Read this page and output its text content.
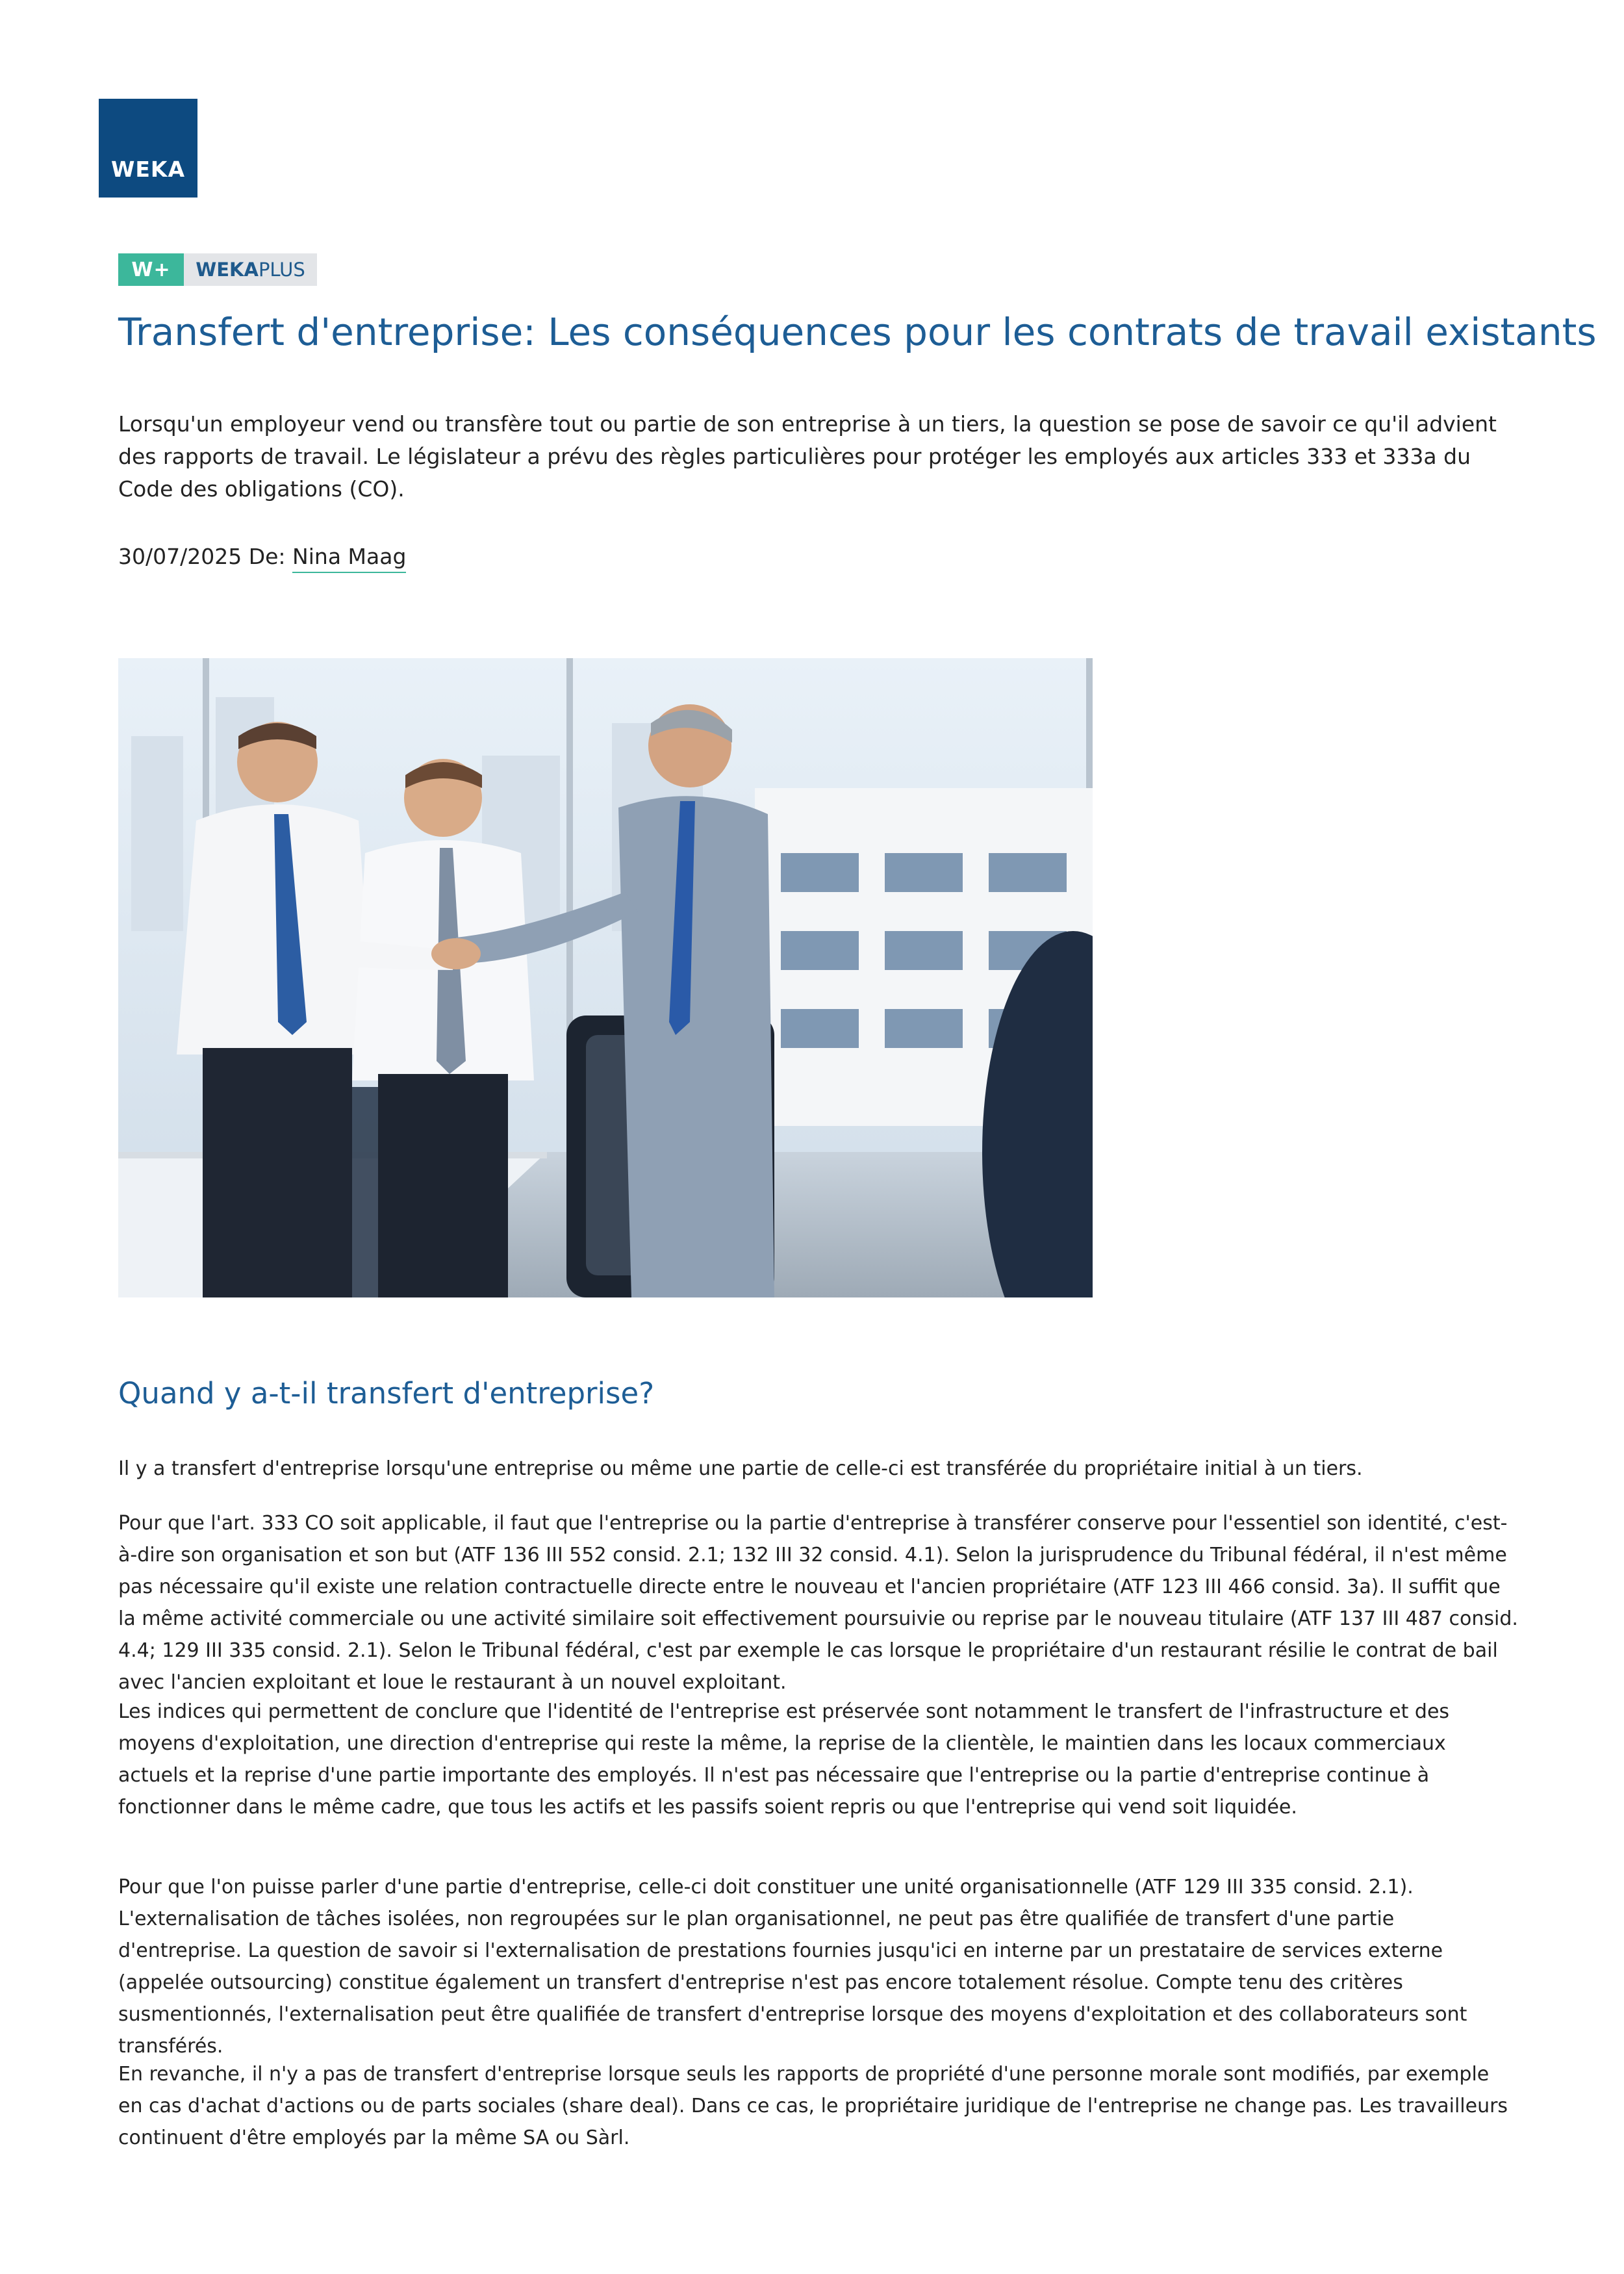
WEKA
W+	WEKA PLUS
Transfert d'entreprise: Les conséquences pour les contrats de travail existants

Lorsqu'un employeur vend ou transfère tout ou partie de son entreprise à un tiers, la question se pose de savoir ce qu'il advient des rapports de travail. Le législateur a prévu des règles particulières pour protéger les employés aux articles 333 et 333a du Code des obligations (CO).

30/07/2025 De: Nina Maag
Quand y a-t-il transfert d'entreprise?

Il y a transfert d'entreprise lorsqu'une entreprise ou même une partie de celle-ci est transférée du propriétaire initial à un tiers.

Pour que l'art. 333 CO soit applicable, il faut que l'entreprise ou la partie d'entreprise à transférer conserve pour l'essentiel son identité, c'est-à-dire son organisation et son but (ATF 136 III 552 consid. 2.1; 132 III 32 consid. 4.1). Selon la jurisprudence du Tribunal fédéral, il n'est même pas nécessaire qu'il existe une relation contractuelle directe entre le nouveau et l'ancien propriétaire (ATF 123 III 466 consid. 3a). Il suffit que la même activité commerciale ou une activité similaire soit effectivement poursuivie ou reprise par le nouveau titulaire (ATF 137 III 487 consid. 4.4; 129 III 335 consid. 2.1). Selon le Tribunal fédéral, c'est par exemple le cas lorsque le propriétaire d'un restaurant résilie le contrat de bail avec l'ancien exploitant et loue le restaurant à un nouvel exploitant.

Les indices qui permettent de conclure que l'identité de l'entreprise est préservée sont notamment le transfert de l'infrastructure et des moyens d'exploitation, une direction d'entreprise qui reste la même, la reprise de la clientèle, le maintien dans les locaux commerciaux actuels et la reprise d'une partie importante des employés. Il n'est pas nécessaire que l'entreprise ou la partie d'entreprise continue à fonctionner dans le même cadre, que tous les actifs et les passifs soient repris ou que l'entreprise qui vend soit liquidée.

Pour que l'on puisse parler d'une partie d'entreprise, celle-ci doit constituer une unité organisationnelle (ATF 129 III 335 consid. 2.1). L'externalisation de tâches isolées, non regroupées sur le plan organisationnel, ne peut pas être qualifiée de transfert d'une partie d'entreprise. La question de savoir si l'externalisation de prestations fournies jusqu'ici en interne par un prestataire de services externe (appelée outsourcing) constitue également un transfert d'entreprise n'est pas encore totalement résolue. Compte tenu des critères susmentionnés, l'externalisation peut être qualifiée de transfert d'entreprise lorsque des moyens d'exploitation et des collaborateurs sont transférés.

En revanche, il n'y a pas de transfert d'entreprise lorsque seuls les rapports de propriété d'une personne morale sont modifiés, par exemple en cas d'achat d'actions ou de parts sociales (share deal). Dans ce cas, le propriétaire juridique de l'entreprise ne change pas. Les travailleurs continuent d'être employés par la même SA ou Sàrl.
